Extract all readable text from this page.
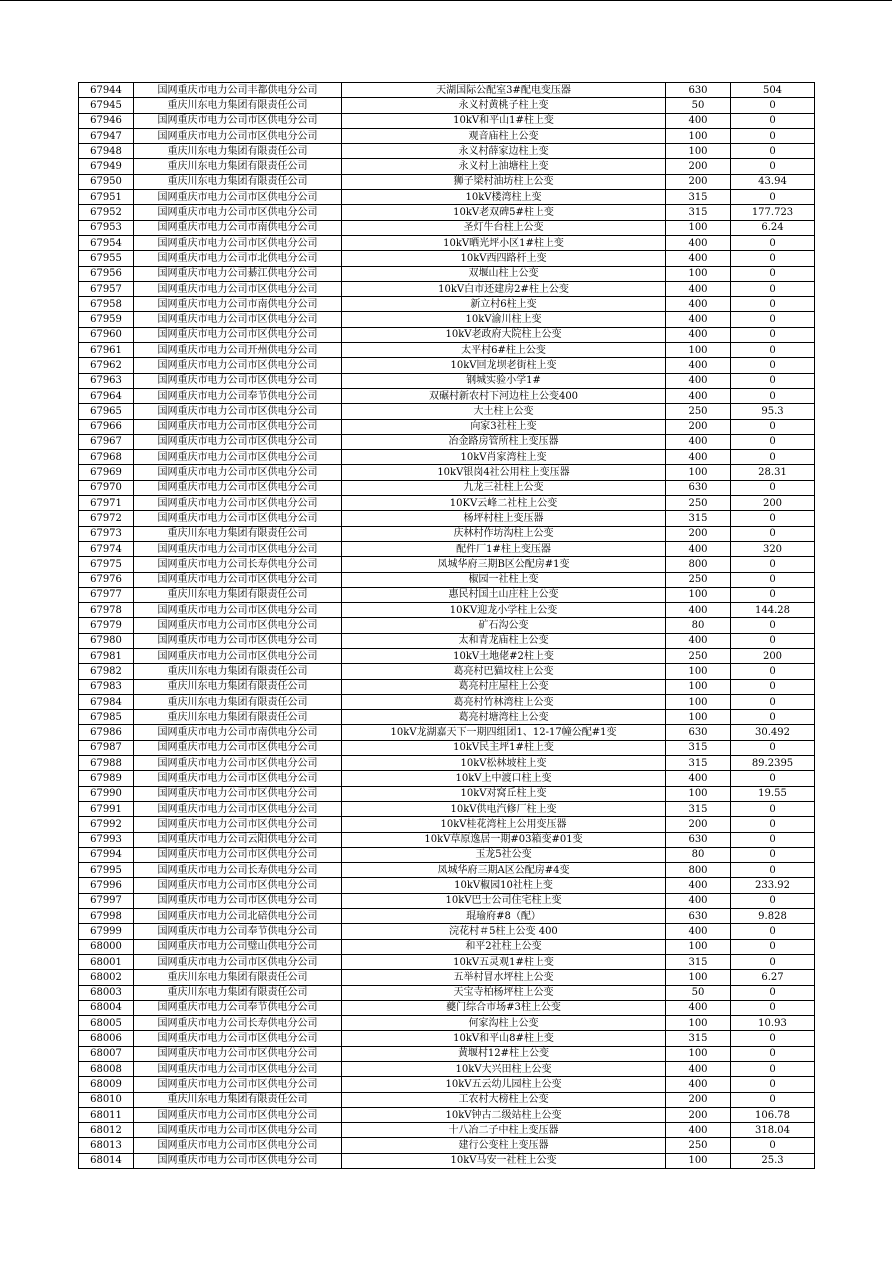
67944	国网重庆市电力公司丰都供电分公司	天湖国际公配室3#配电变压器	630	504
67945	重庆川东电力集团有限责任公司	永义村黄桃子柱上变	50	0
67946	国网重庆市电力公司市区供电分公司	10kV和平山1#柱上变	400	0
67947	国网重庆市电力公司市区供电分公司	观音庙柱上公变	100	0
67948	重庆川东电力集团有限责任公司	永义村薛家边柱上变	100	0
67949	重庆川东电力集团有限责任公司	永义村上油塘柱上变	200	0
67950	重庆川东电力集团有限责任公司	狮子梁村油坊柱上公变	200	43.94
67951	国网重庆市电力公司市区供电分公司	10kV楼湾柱上变	315	0
67952	国网重庆市电力公司市区供电分公司	10kV老双碑5#柱上变	315	177.723
67953	国网重庆市电力公司市南供电分公司	圣灯牛台柱上公变	100	6.24
67954	国网重庆市电力公司市区供电分公司	10kV晒光坪小区1#柱上变	400	0
67955	国网重庆市电力公司市北供电分公司	10kV西四路杆上变	400	0
67956	国网重庆市电力公司綦江供电分公司	双堰山柱上公变	100	0
67957	国网重庆市电力公司市区供电分公司	10kV白市还建房2#柱上公变	400	0
67958	国网重庆市电力公司市南供电分公司	新立村6柱上变	400	0
67959	国网重庆市电力公司市区供电分公司	10kV渝川柱上变	400	0
67960	国网重庆市电力公司市区供电分公司	10kV老政府大院柱上公变	400	0
67961	国网重庆市电力公司开州供电分公司	太平村6#柱上公变	100	0
67962	国网重庆市电力公司市区供电分公司	10kV回龙坝老街柱上变	400	0
67963	国网重庆市电力公司市区供电分公司	钢城实验小学1#	400	0
67964	国网重庆市电力公司奉节供电分公司	双碾村新农村下河边柱上公变400	400	0
67965	国网重庆市电力公司市区供电分公司	大土柱上公变	250	95.3
67966	国网重庆市电力公司市区供电分公司	向家3社柱上变	200	0
67967	国网重庆市电力公司市区供电分公司	冶金路房管所柱上变压器	400	0
67968	国网重庆市电力公司市区供电分公司	10kV肖家湾柱上变	400	0
67969	国网重庆市电力公司市区供电分公司	10kV银岗4社公用柱上变压器	100	28.31
67970	国网重庆市电力公司市区供电分公司	九龙三社柱上公变	630	0
67971	国网重庆市电力公司市区供电分公司	10KV云峰二社柱上公变	250	200
67972	国网重庆市电力公司市区供电分公司	杨坪村柱上变压器	315	0
67973	重庆川东电力集团有限责任公司	庆林村作坊沟柱上公变	200	0
67974	国网重庆市电力公司市区供电分公司	配件厂1#柱上变压器	400	320
67975	国网重庆市电力公司长寿供电分公司	凤城华府三期B区公配房#1变	800	0
67976	国网重庆市电力公司市区供电分公司	椒园一社柱上变	250	0
67977	重庆川东电力集团有限责任公司	惠民村国土山庄柱上公变	100	0
67978	国网重庆市电力公司市区供电分公司	10KV迎龙小学柱上公变	400	144.28
67979	国网重庆市电力公司市区供电分公司	矿石沟公变	80	0
67980	国网重庆市电力公司市区供电分公司	太和青龙庙柱上公变	400	0
67981	国网重庆市电力公司市区供电分公司	10kV土地佬#2柱上变	250	200
67982	重庆川东电力集团有限责任公司	葛亮村巴猫坟柱上公变	100	0
67983	重庆川东电力集团有限责任公司	葛亮村庄屋柱上公变	100	0
67984	重庆川东电力集团有限责任公司	葛亮村竹林湾柱上公变	100	0
67985	重庆川东电力集团有限责任公司	葛亮村塘湾柱上公变	100	0
67986	国网重庆市电力公司市南供电分公司	10kV龙湖嘉天下一期四组团1、12-17幢公配#1变	630	30.492
67987	国网重庆市电力公司市区供电分公司	10kV民主坪1#柱上变	315	0
67988	国网重庆市电力公司市区供电分公司	10kV松林坡柱上变	315	89.2395
67989	国网重庆市电力公司市区供电分公司	10kV上中渡口柱上变	400	0
67990	国网重庆市电力公司市区供电分公司	10kV对窝丘柱上变	100	19.55
67991	国网重庆市电力公司市区供电分公司	10kV供电汽修厂柱上变	315	0
67992	国网重庆市电力公司市区供电分公司	10kV桂花湾柱上公用变压器	200	0
67993	国网重庆市电力公司云阳供电分公司	10kV草原逸居一期#03箱变#01变	630	0
67994	国网重庆市电力公司市区供电分公司	玉龙5社公变	80	0
67995	国网重庆市电力公司长寿供电分公司	凤城华府三期A区公配房#4变	800	0
67996	国网重庆市电力公司市区供电分公司	10kV椒园10社柱上变	400	233.92
67997	国网重庆市电力公司市区供电分公司	10kV巴士公司住宅柱上变	400	0
67998	国网重庆市电力公司北碚供电分公司	琨瑜府#8（配）	630	9.828
67999	国网重庆市电力公司奉节供电分公司	浣花村＃5柱上公变 400	400	0
68000	国网重庆市电力公司璧山供电分公司	和平2社柱上公变	100	0
68001	国网重庆市电力公司市区供电分公司	10kV五灵观1#柱上变	315	0
68002	重庆川东电力集团有限责任公司	五举村冒水坪柱上公变	100	6.27
68003	重庆川东电力集团有限责任公司	天宝寺柏杨坪柱上公变	50	0
68004	国网重庆市电力公司奉节供电分公司	夔门综合市场#3柱上公变	400	0
68005	国网重庆市电力公司长寿供电分公司	何家沟柱上公变	100	10.93
68006	国网重庆市电力公司市区供电分公司	10kV和平山8#柱上变	315	0
68007	国网重庆市电力公司市区供电分公司	黄堰村12#柱上公变	100	0
68008	国网重庆市电力公司市区供电分公司	10kV大兴田柱上公变	400	0
68009	国网重庆市电力公司市区供电分公司	10kV五云幼儿园柱上公变	400	0
68010	重庆川东电力集团有限责任公司	工农村大榜柱上公变	200	0
68011	国网重庆市电力公司市区供电分公司	10kV钟古二级站柱上公变	200	106.78
68012	国网重庆市电力公司市区供电分公司	十八冶二子中柱上变压器	400	318.04
68013	国网重庆市电力公司市区供电分公司	建行公变柱上变压器	250	0
68014	国网重庆市电力公司市区供电分公司	10kV马安一社柱上公变	100	25.3
